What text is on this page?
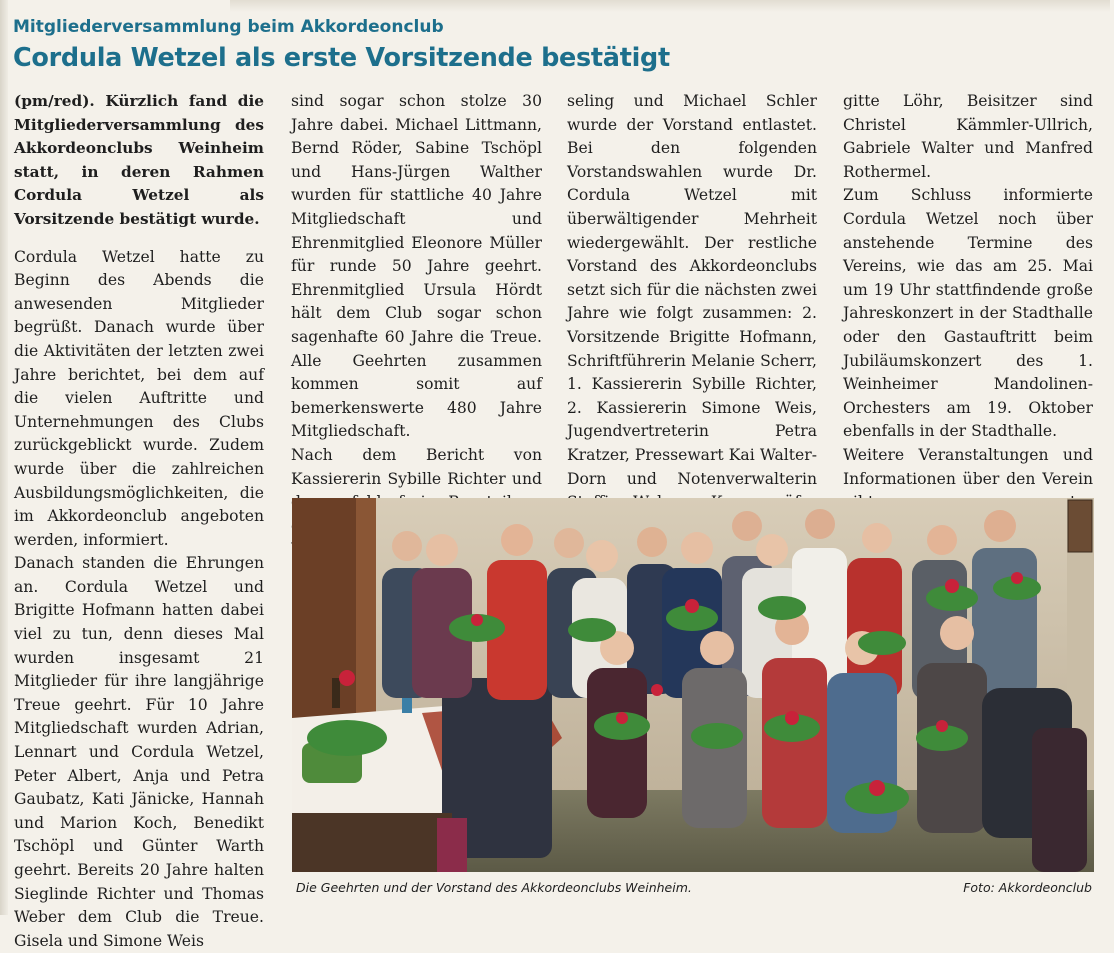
Mitgliederversammlung beim Akkordeonclub
Cordula Wetzel als erste Vorsitzende bestätigt

(pm/red). Kürzlich fand die Mitgliederversammlung des Akkordeonclubs Weinheim statt, in deren Rahmen Cordula Wetzel als Vorsitzende bestätigt wurde.

Cordula Wetzel hatte zu Beginn des Abends die anwesenden Mitglieder begrüßt. Danach wurde über die Aktivitäten der letzten zwei Jahre berichtet, bei dem auf die vielen Auftritte und Unternehmungen des Clubs zurückgeblickt wurde. Zudem wurde über die zahlreichen Ausbildungsmöglichkeiten, die im Akkordeonclub angeboten werden, informiert.

Danach standen die Ehrungen an. Cordula Wetzel und Brigitte Hofmann hatten dabei viel zu tun, denn dieses Mal wurden insgesamt 21 Mitglieder für ihre langjährige Treue geehrt. Für 10 Jahre Mitgliedschaft wurden Adrian, Lennart und Cordula Wetzel, Peter Albert, Anja und Petra Gaubatz, Kati Jänicke, Hannah und Marion Koch, Benedikt Tschöpl und Günter Warth geehrt. Bereits 20 Jahre halten Sieglinde Richter und Thomas Weber dem Club die Treue. Gisela und Simone Weis

sind sogar schon stolze 30 Jahre dabei. Michael Littmann, Bernd Röder, Sabine Tschöpl und Hans-Jürgen Walther wurden für stattliche 40 Jahre Mitgliedschaft und Ehrenmitglied Eleonore Müller für runde 50 Jahre geehrt. Ehrenmitglied Ursula Hördt hält dem Club sogar schon sagenhafte 60 Jahre die Treue. Alle Geehrten zusammen kommen somit auf bemerkenswerte 480 Jahre Mitgliedschaft.

Nach dem Bericht von Kassiererin Sybille Richter und

seling und Michael Schler wurde der Vorstand entlastet. Bei den folgenden Vorstandswahlen wurde Dr. Cordula Wetzel mit überwältigender Mehrheit wiedergewählt. Der restliche Vorstand des Akkordeonclubs setzt sich für die nächsten zwei Jahre wie folgt zusammen: 2. Vorsitzende Brigitte Hofmann, Schriftführerin Melanie Scherr, 1. Kassiererin Sybille Richter, 2. Kassiererin Simone Weis, Jugendvertreterin Petra Kratzer, Pressewart Kai Walter-Dorn und Notenverwalterin

gitte Löhr, Beisitzer sind Christel Kämmler-Ullrich, Gabriele Walter und Manfred Rothermel.

Zum Schluss informierte Cordula Wetzel noch über anstehende Termine des Vereins, wie das am 25. Mai um 19 Uhr stattfindende große Jahreskonzert in der Stadthalle oder den Gastauftritt beim Jubiläumskonzert des 1. Weinheimer Mandolinen-Orchesters am 19. Oktober ebenfalls in der Stadthalle.

Weitere Veranstaltungen und Informationen über den Verein

Die Geehrten und der Vorstand des Akkordeonclubs Weinheim.	Foto: Akkordeonclub
